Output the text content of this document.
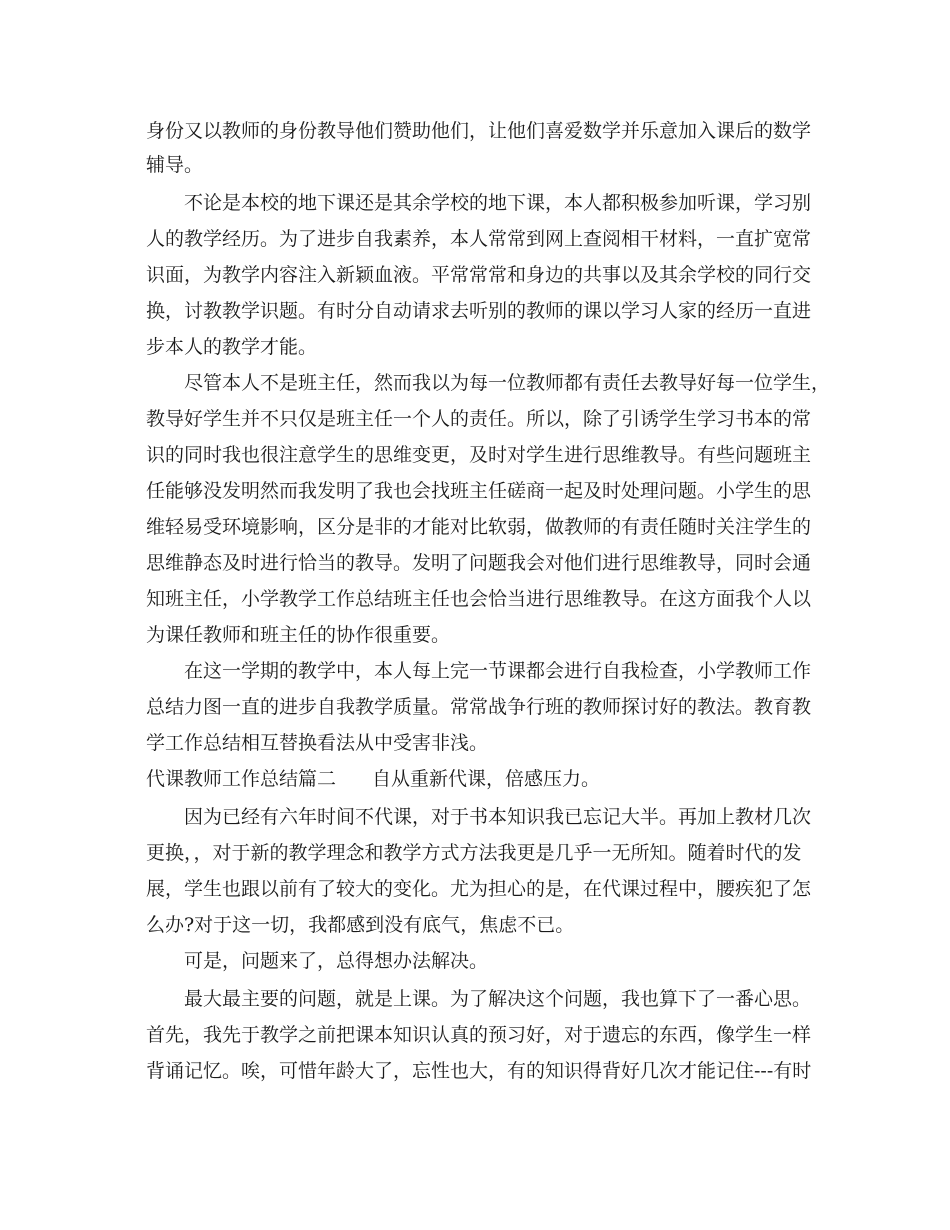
身份又以教师的身份教导他们赞助他们，让他们喜爱数学并乐意加入课后的数学
辅导。
不论是本校的地下课还是其余学校的地下课，本人都积极参加听课，学习别
人的教学经历。为了进步自我素养，本人常常到网上查阅相干材料，一直扩宽常
识面，为教学内容注入新颖血液。平常常常和身边的共事以及其余学校的同行交
换，讨教教学识题。有时分自动请求去听别的教师的课以学习人家的经历一直进
步本人的教学才能。
尽管本人不是班主任，然而我以为每一位教师都有责任去教导好每一位学生，
教导好学生并不只仅是班主任一个人的责任。所以，除了引诱学生学习书本的常
识的同时我也很注意学生的思维变更，及时对学生进行思维教导。有些问题班主
任能够没发明然而我发明了我也会找班主任磋商一起及时处理问题。小学生的思
维轻易受环境影响，区分是非的才能对比软弱，做教师的有责任随时关注学生的
思维静态及时进行恰当的教导。发明了问题我会对他们进行思维教导，同时会通
知班主任，小学教学工作总结班主任也会恰当进行思维教导。在这方面我个人以
为课任教师和班主任的协作很重要。
在这一学期的教学中，本人每上完一节课都会进行自我检查，小学教师工作
总结力图一直的进步自我教学质量。常常战争行班的教师探讨好的教法。教育教
学工作总结相互替换看法从中受害非浅。
代课教师工作总结篇二 自从重新代课，倍感压力。
因为已经有六年时间不代课，对于书本知识我已忘记大半。再加上教材几次
更换，，对于新的教学理念和教学方式方法我更是几乎一无所知。随着时代的发
展，学生也跟以前有了较大的变化。尤为担心的是，在代课过程中，腰疾犯了怎
么办?对于这一切，我都感到没有底气，焦虑不已。
可是，问题来了，总得想办法解决。
最大最主要的问题，就是上课。为了解决这个问题，我也算下了一番心思。
首先，我先于教学之前把课本知识认真的预习好，对于遗忘的东西，像学生一样
背诵记忆。唉，可惜年龄大了，忘性也大，有的知识得背好几次才能记住---有时
